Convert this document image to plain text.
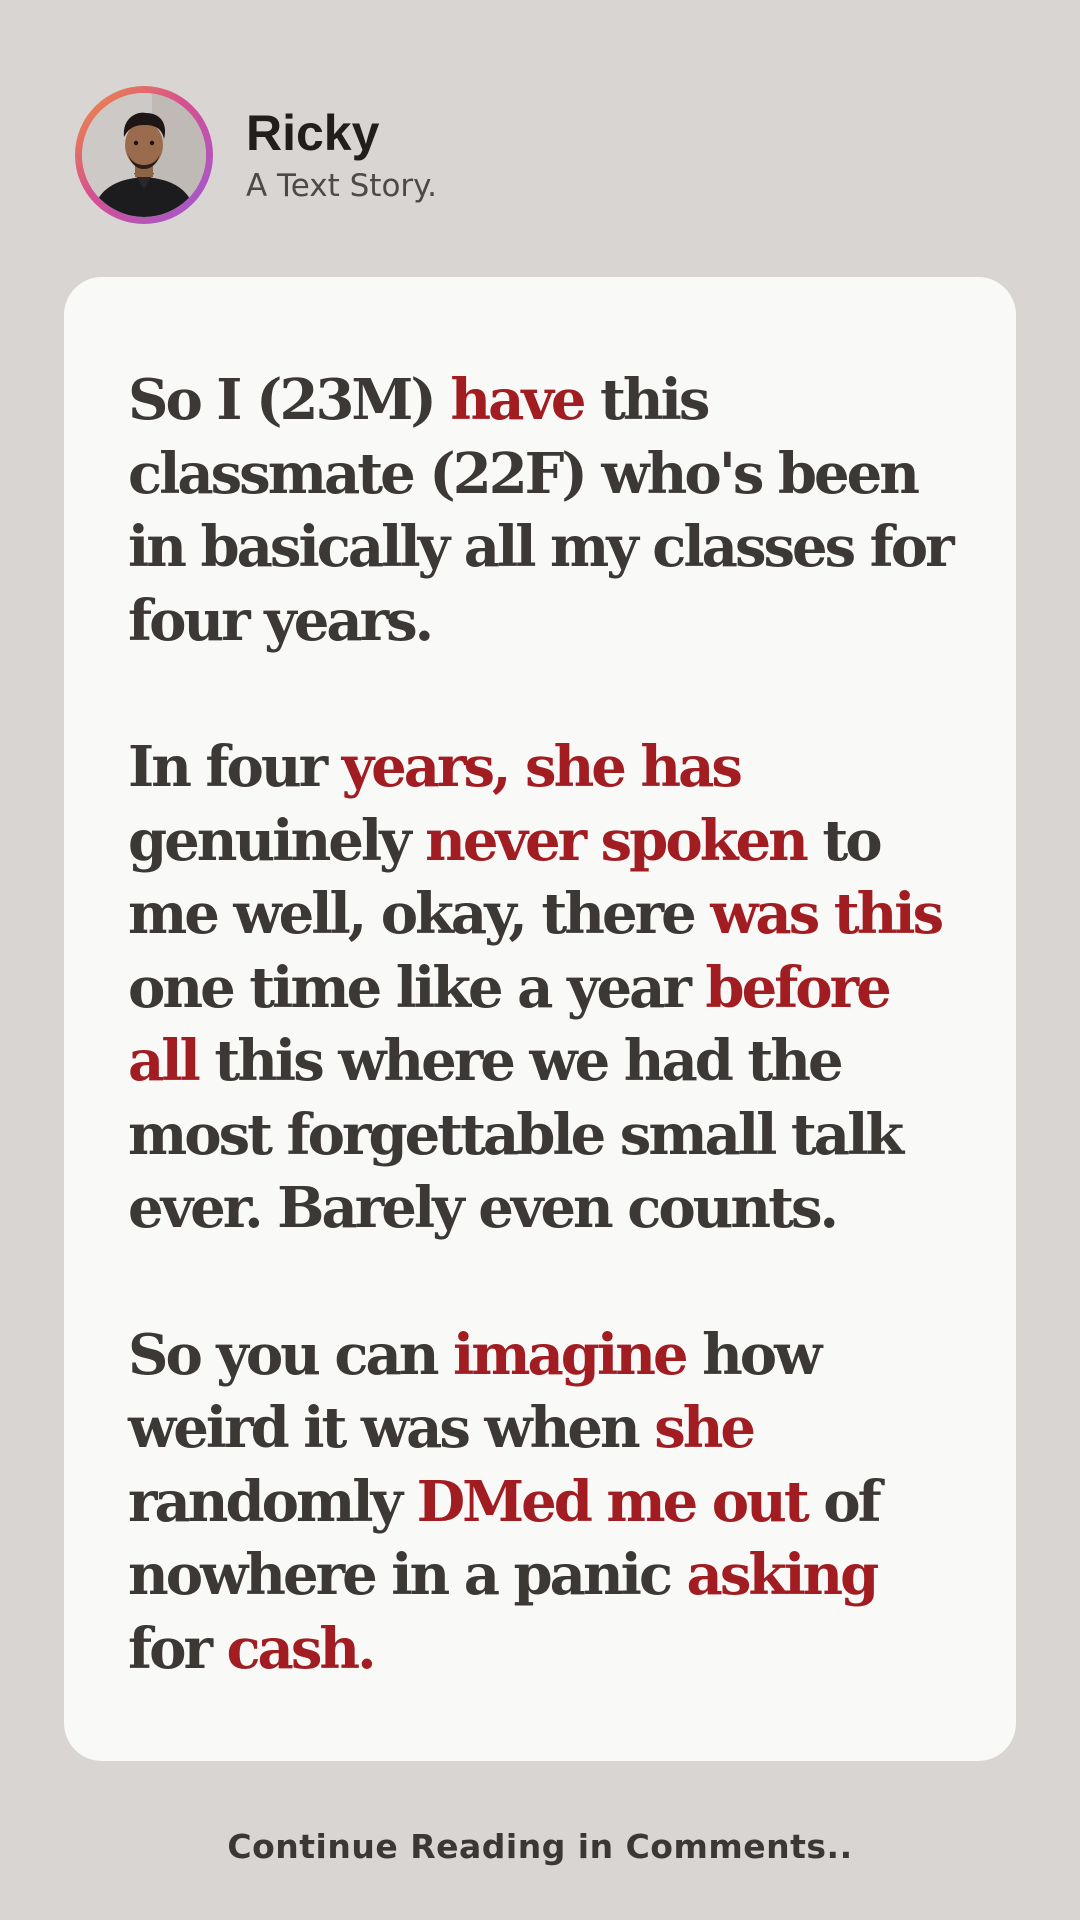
Ricky
A Text Story.

So I (23M) have this classmate (22F) who's been in basically all my classes for four years.

In four years, she has genuinely never spoken to me well, okay, there was this one time like a year before all this where we had the most forgettable small talk ever. Barely even counts.

So you can imagine how weird it was when she randomly DMed me out of nowhere in a panic asking for cash.

Continue Reading in Comments..
